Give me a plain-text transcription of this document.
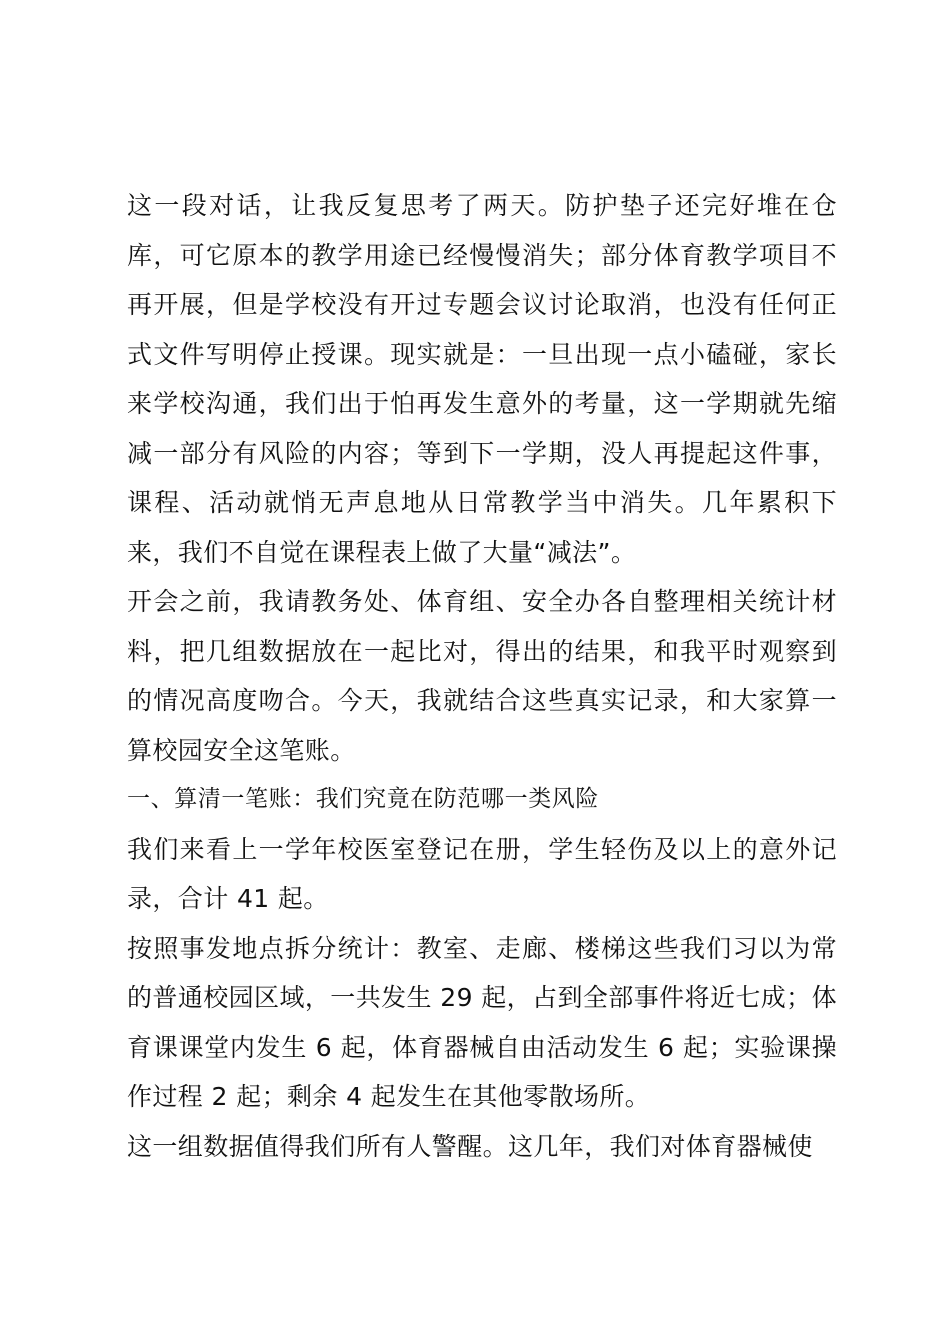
这一段对话，让我反复思考了两天。防护垫子还完好堆在仓库，可它原本的教学用途已经慢慢消失；部分体育教学项目不再开展，但是学校没有开过专题会议讨论取消，也没有任何正式文件写明停止授课。现实就是：一旦出现一点小磕碰，家长来学校沟通，我们出于怕再发生意外的考量，这一学期就先缩减一部分有风险的内容；等到下一学期，没人再提起这件事，课程、活动就悄无声息地从日常教学当中消失。几年累积下来，我们不自觉在课程表上做了大量“减法”。

开会之前，我请教务处、体育组、安全办各自整理相关统计材料，把几组数据放在一起比对，得出的结果，和我平时观察到的情况高度吻合。今天，我就结合这些真实记录，和大家算一算校园安全这笔账。

一、算清一笔账：我们究竟在防范哪一类风险

我们来看上一学年校医室登记在册，学生轻伤及以上的意外记录，合计 41 起。

按照事发地点拆分统计：教室、走廊、楼梯这些我们习以为常的普通校园区域，一共发生 29 起，占到全部事件将近七成；体育课课堂内发生 6 起，体育器械自由活动发生 6 起；实验课操作过程 2 起；剩余 4 起发生在其他零散场所。

这一组数据值得我们所有人警醒。这几年，我们对体育器械使
